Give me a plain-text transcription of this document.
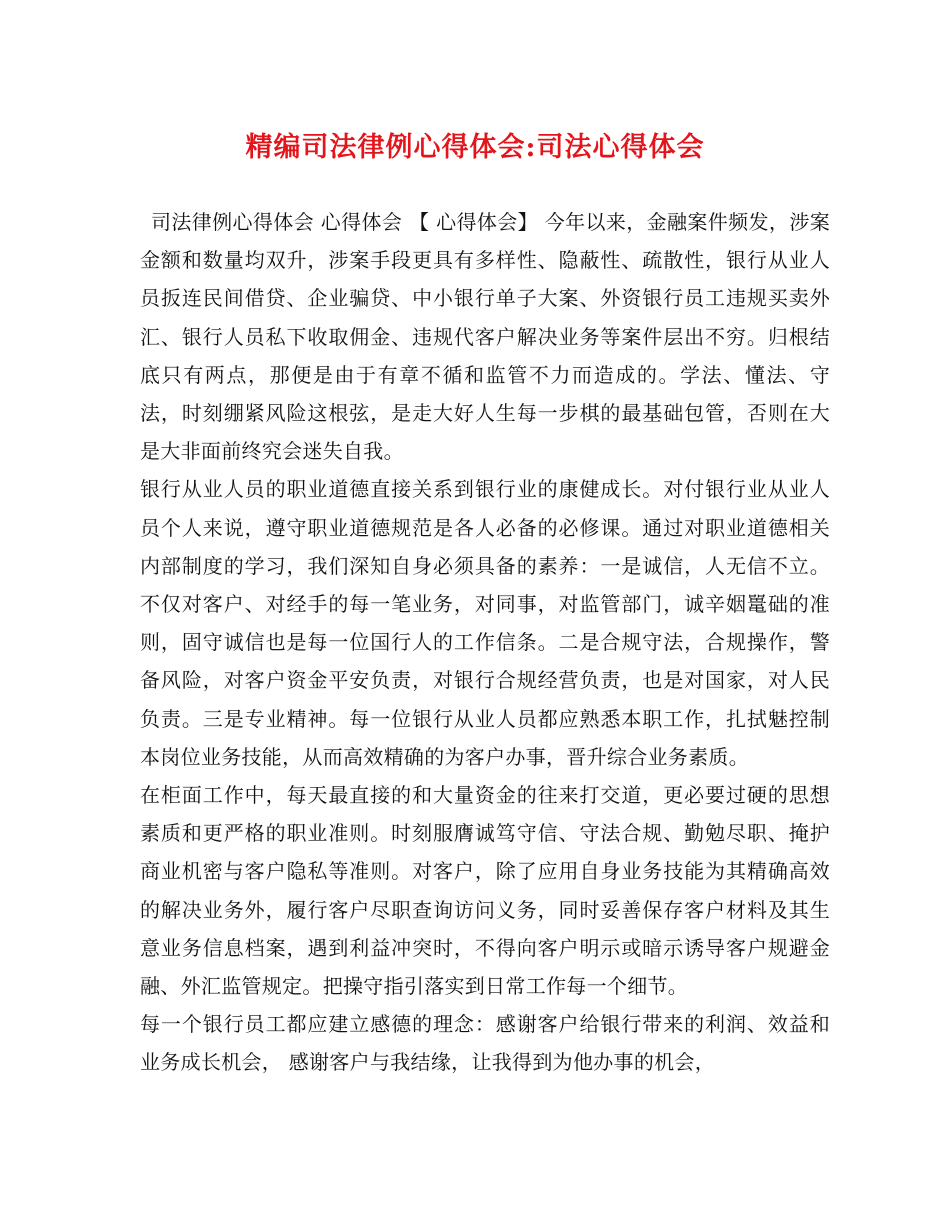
精编司法律例心得体会:司法心得体会

司法律例心得体会 心得体会 【 心得体会】 今年以来，金融案件频发，涉案金额和数量均双升，涉案手段更具有多样性、隐蔽性、疏散性，银行从业人员扳连民间借贷、企业骗贷、中小银行单子大案、外资银行员工违规买卖外汇、银行人员私下收取佣金、违规代客户解决业务等案件层出不穷。归根结底只有两点，那便是由于有章不循和监管不力而造成的。学法、懂法、守法，时刻绷紧风险这根弦，是走大好人生每一步棋的最基础包管，否则在大是大非面前终究会迷失自我。

银行从业人员的职业道德直接关系到银行业的康健成长。对付银行业从业人员个人来说，遵守职业道德规范是各人必备的必修课。通过对职业道德相关内部制度的学习，我们深知自身必须具备的素养：一是诚信，人无信不立。不仅对客户、对经手的每一笔业务，对同事，对监管部门，诚辛姻鼍础的准则，固守诚信也是每一位国行人的工作信条。二是合规守法，合规操作，警备风险，对客户资金平安负责，对银行合规经营负责，也是对国家，对人民负责。三是专业精神。每一位银行从业人员都应熟悉本职工作，扎拭魅控制本岗位业务技能，从而高效精确的为客户办事，晋升综合业务素质。

在柜面工作中，每天最直接的和大量资金的往来打交道，更必要过硬的思想素质和更严格的职业准则。时刻服膺诚笃守信、守法合规、勤勉尽职、掩护商业机密与客户隐私等准则。对客户，除了应用自身业务技能为其精确高效的解决业务外，履行客户尽职查询访问义务，同时妥善保存客户材料及其生意业务信息档案，遇到利益冲突时，不得向客户明示或暗示诱导客户规避金融、外汇监管规定。把操守指引落实到日常工作每一个细节。

每一个银行员工都应建立感德的理念：感谢客户给银行带来的利润、效益和业务成长机会， 感谢客户与我结缘，让我得到为他办事的机会，
